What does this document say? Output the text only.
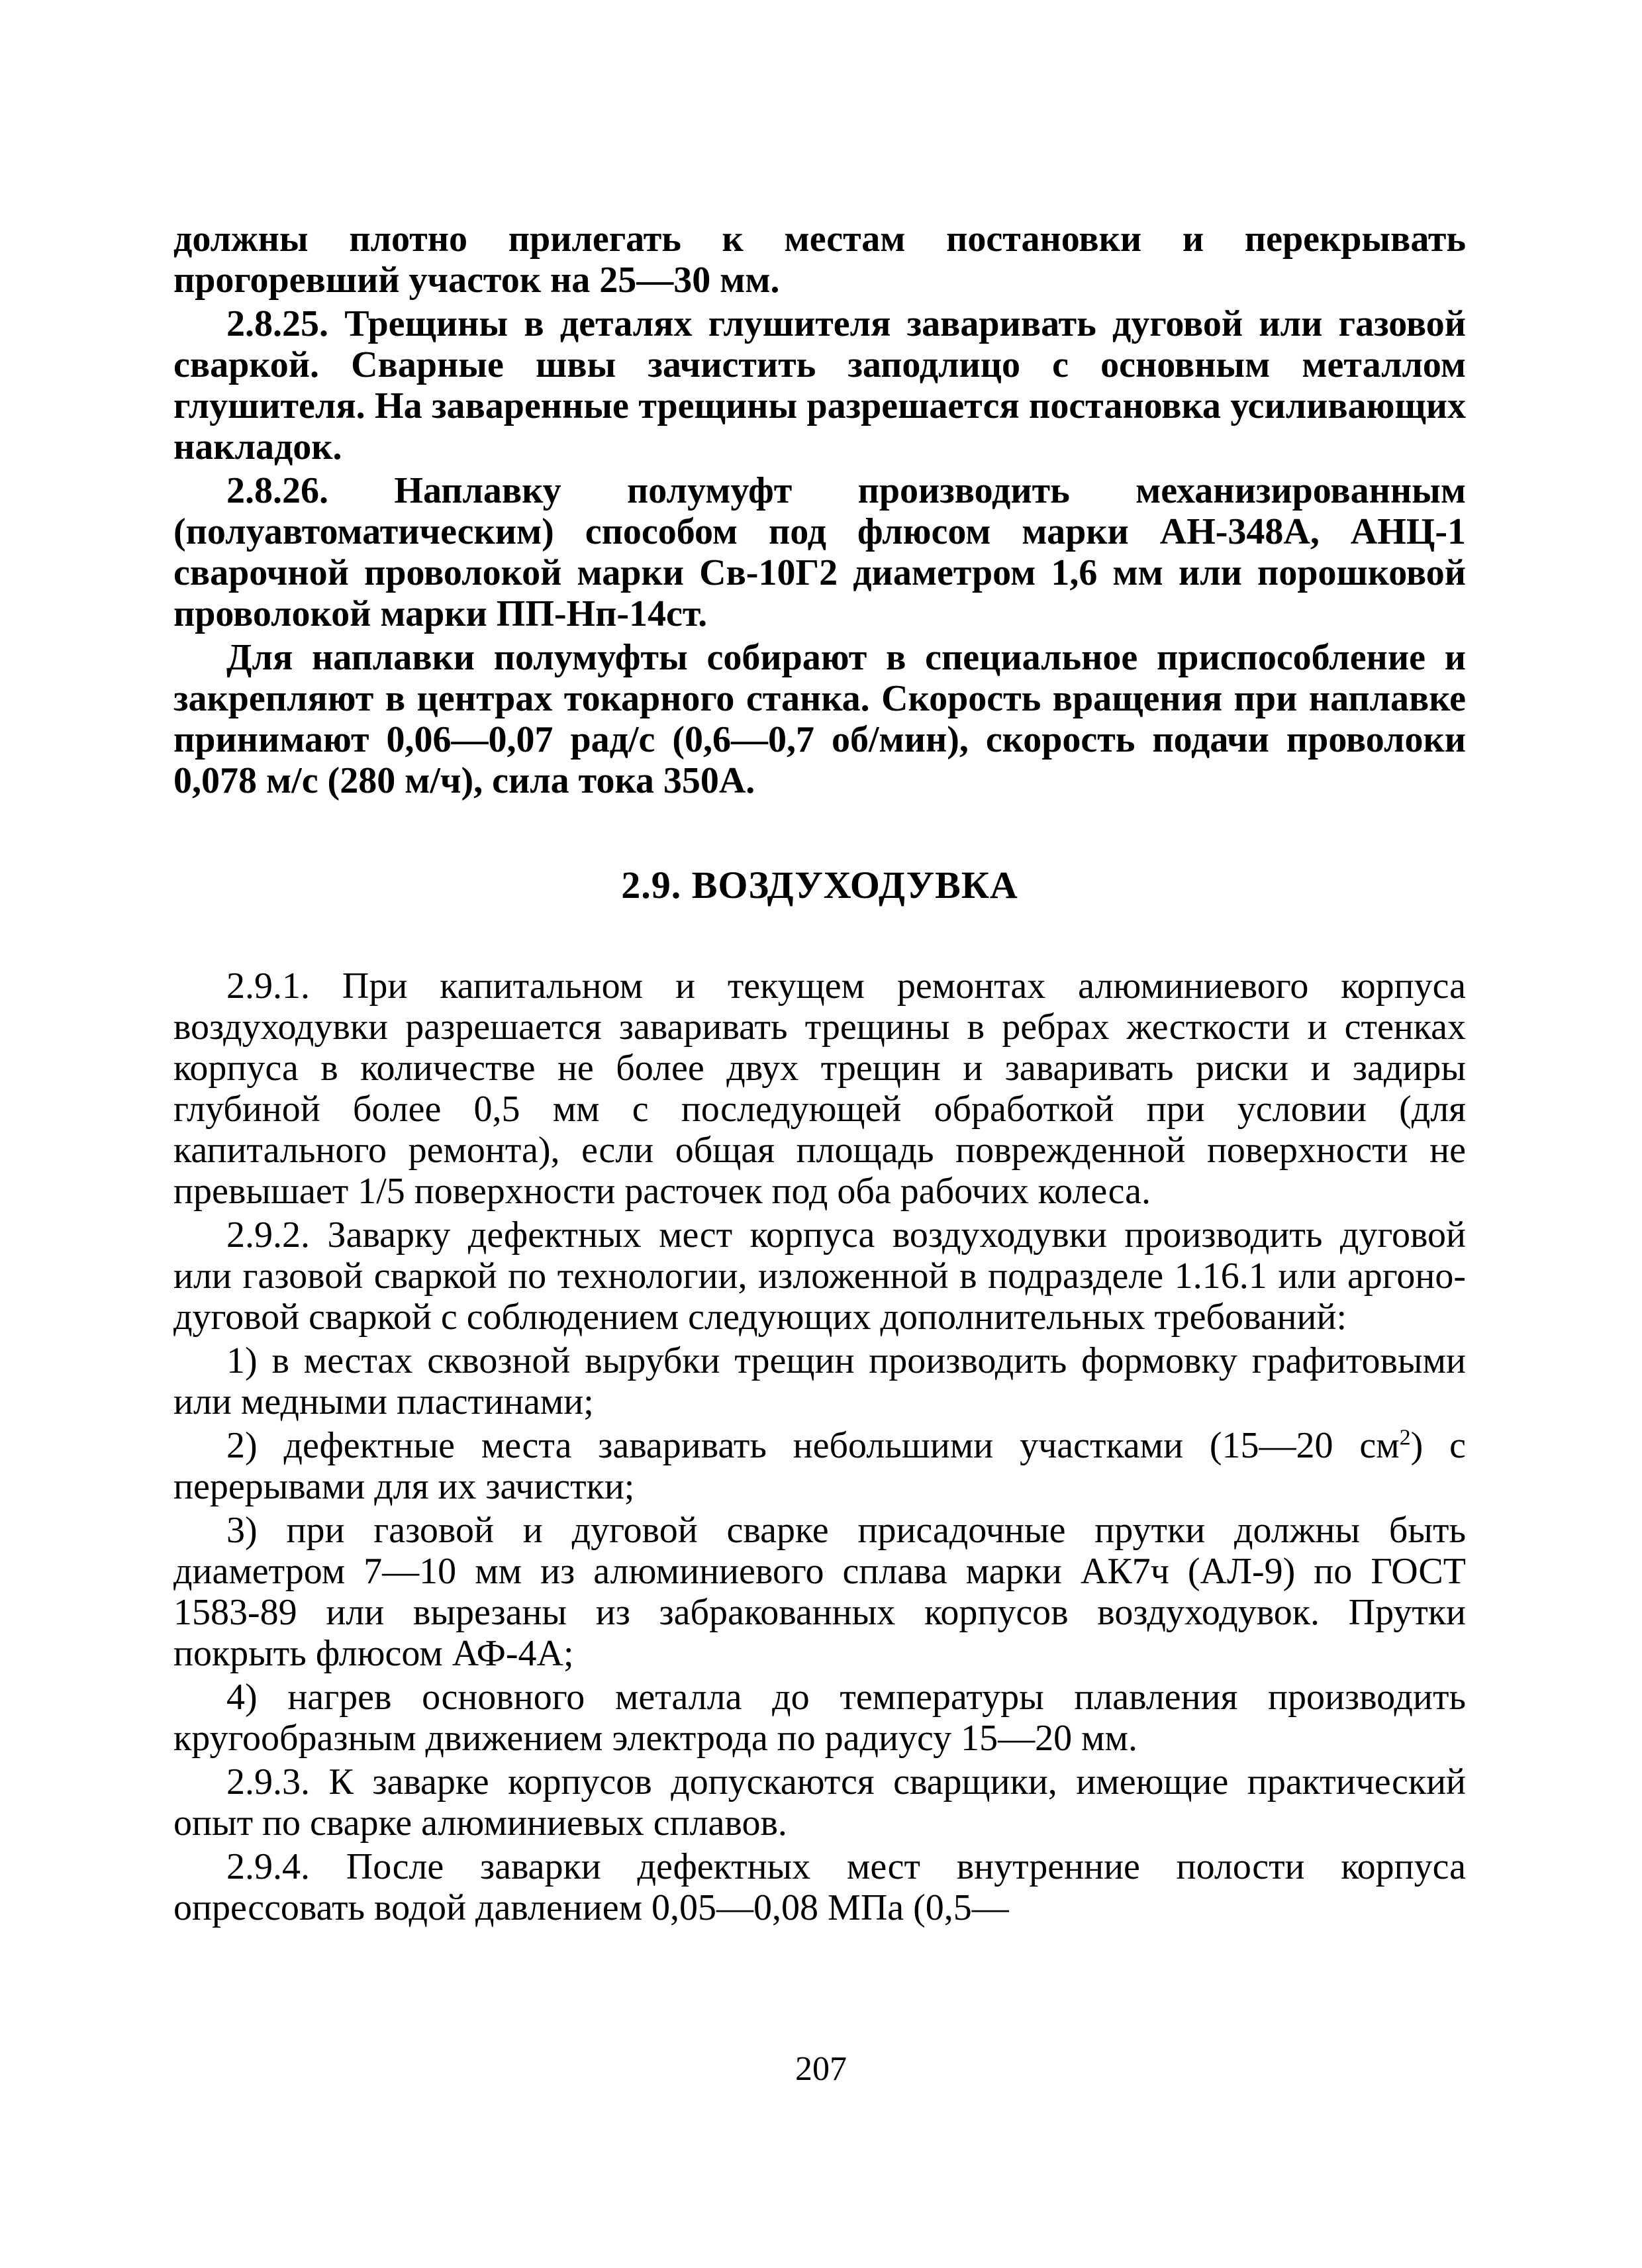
должны плотно прилегать к местам постановки и перекрывать прогоревший участок на 25—30 мм.

2.8.25. Трещины в деталях глушителя заваривать дуговой или газовой сваркой. Сварные швы зачистить заподлицо с основным металлом глушителя. На заваренные трещины разрешается постановка усиливающих накладок.

2.8.26. Наплавку полумуфт производить механизированным (полуавтоматическим) способом под флюсом марки АН-348А, АНЦ-1 сварочной проволокой марки Св-10Г2 диаметром 1,6 мм или порошковой проволокой марки ПП-Нп-14ст.

Для наплавки полумуфты собирают в специальное приспособление и закрепляют в центрах токарного станка. Скорость вращения при наплавке принимают 0,06—0,07 рад/с (0,6—0,7 об/мин), скорость подачи проволоки 0,078 м/с (280 м/ч), сила тока 350А.

2.9. ВОЗДУХОДУВКА

2.9.1. При капитальном и текущем ремонтах алюминиевого корпуса воздуходувки разрешается заваривать трещины в ребрах жесткости и стенках корпуса в количестве не более двух трещин и заваривать риски и задиры глубиной более 0,5 мм с последующей обработкой при условии (для капитального ремонта), если общая площадь поврежденной поверхности не превышает 1/5 поверхности расточек под оба рабочих колеса.

2.9.2. Заварку дефектных мест корпуса воздуходувки производить дуговой или газовой сваркой по технологии, изложенной в подразделе 1.16.1 или аргоно-дуговой сваркой с соблюдением следующих дополнительных требований:

1) в местах сквозной вырубки трещин производить формовку графитовыми или медными пластинами;

2) дефектные места заваривать небольшими участками (15—20 $см^2$) с перерывами для их зачистки;

3) при газовой и дуговой сварке присадочные прутки должны быть диаметром 7—10 мм из алюминиевого сплава марки АК7ч (АЛ-9) по ГОСТ 1583-89 или вырезаны из забракованных корпусов воздуходувок. Прутки покрыть флюсом АФ-4А;

4) нагрев основного металла до температуры плавления производить кругообразным движением электрода по радиусу 15—20 мм.

2.9.3. К заварке корпусов допускаются сварщики, имеющие практический опыт по сварке алюминиевых сплавов.

2.9.4. После заварки дефектных мест внутренние полости корпуса опрессовать водой давлением 0,05—0,08 МПа (0,5—

207
